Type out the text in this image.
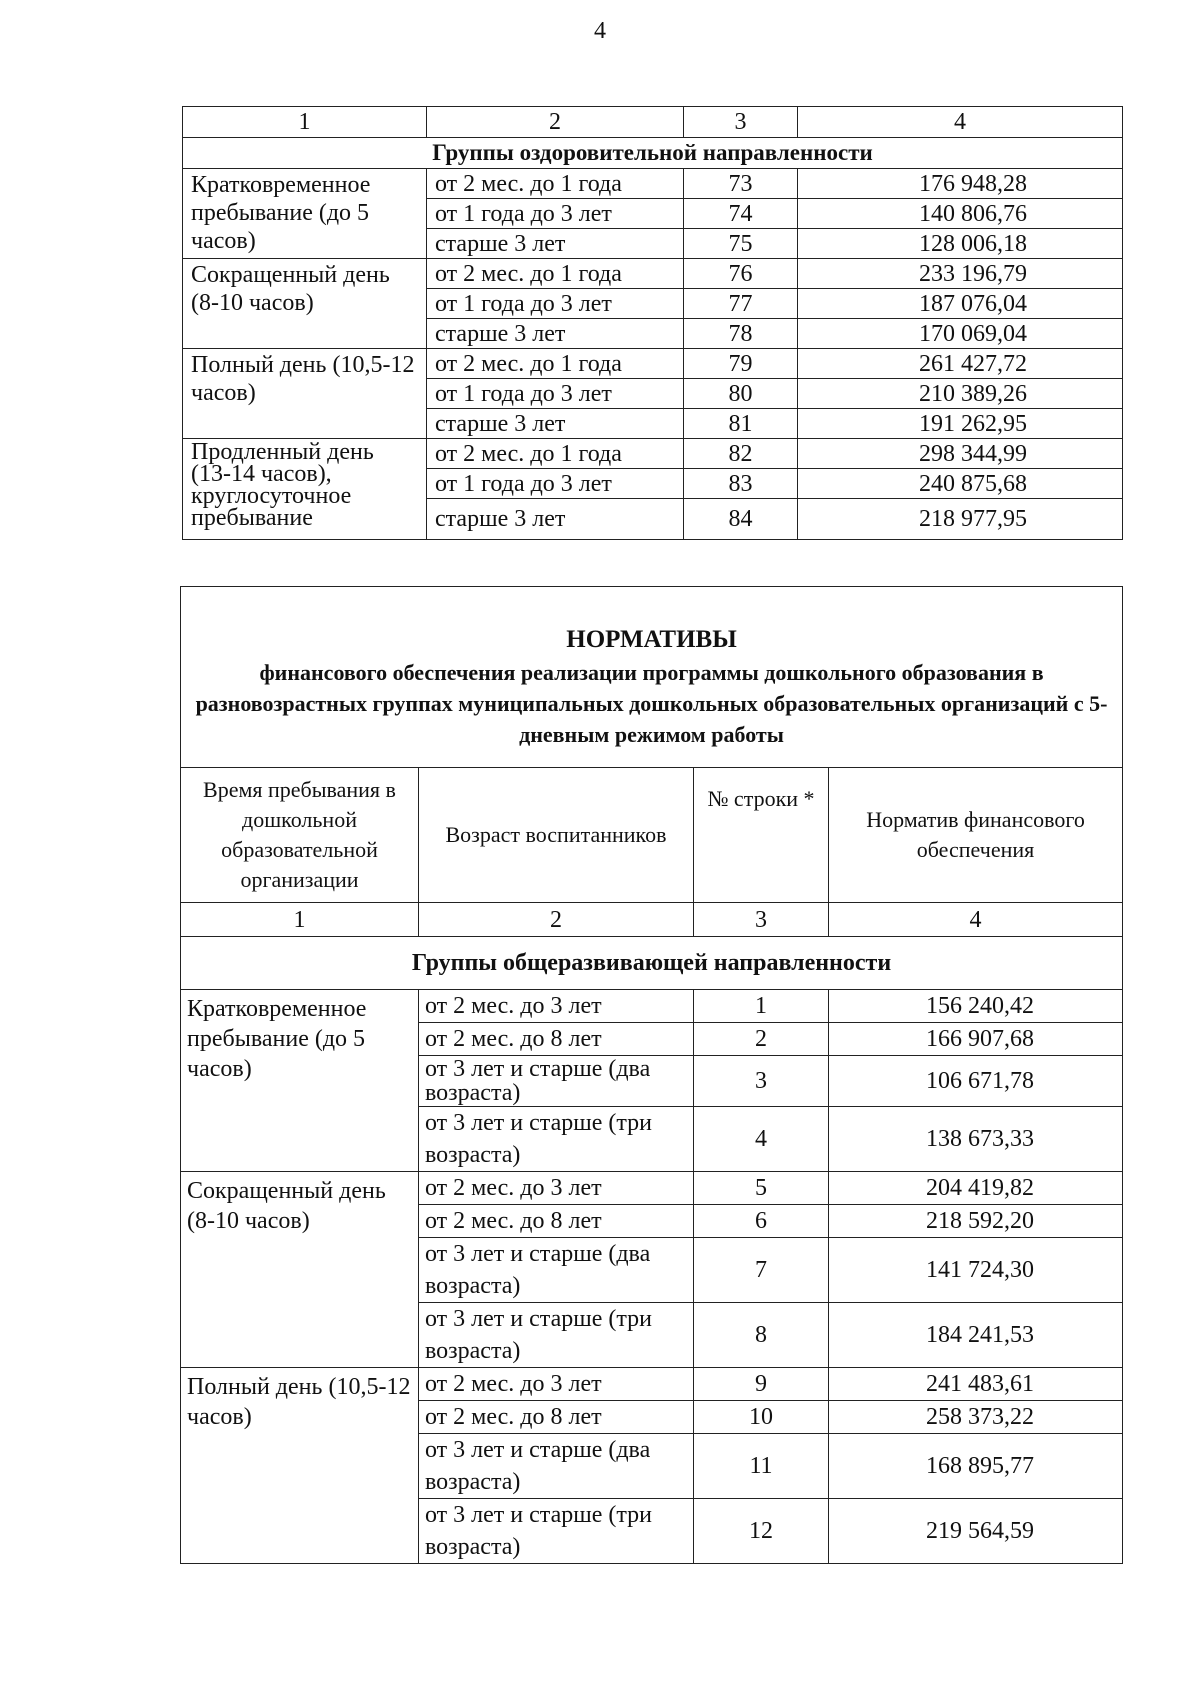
4
1	2	3	4
Группы оздоровительной направленности			
Кратковременное пребывание (до 5 часов)	от 2 мес. до 1 года	73	176 948,28
	от 1 года до 3 лет	74	140 806,76
	старше 3 лет	75	128 006,18
Сокращенный день (8-10 часов)	от 2 мес. до 1 года	76	233 196,79
	от 1 года до 3 лет	77	187 076,04
	старше 3 лет	78	170 069,04
Полный день (10,5-12 часов)	от 2 мес. до 1 года	79	261 427,72
	от 1 года до 3 лет	80	210 389,26
	старше 3 лет	81	191 262,95
Продленный день (13-14 часов), круглосуточное пребывание	от 2 мес. до 1 года	82	298 344,99
	от 1 года до 3 лет	83	240 875,68
	старше 3 лет	84	218 977,95
НОРМАТИВЫ
финансового обеспечения реализации программы дошкольного образования в разновозрастных группах муниципальных дошкольных образовательных организаций с 5-дневным режимом работы			

Время пребывания в дошкольной образовательной организации	Возраст воспитанников	№ строки *	Норматив финансового обеспечения
1	2	3	4
Группы общеразвивающей направленности			
Кратковременное пребывание (до 5 часов)	от 2 мес. до 3 лет	1	156 240,42
	от 2 мес. до 8 лет	2	166 907,68
	от 3 лет и старше (два возраста)	3	106 671,78
	от 3 лет и старше (три возраста)	4	138 673,33
Сокращенный день (8-10 часов)	от 2 мес. до 3 лет	5	204 419,82
	от 2 мес. до 8 лет	6	218 592,20
	от 3 лет и старше (два возраста)	7	141 724,30
	от 3 лет и старше (три возраста)	8	184 241,53
Полный день (10,5-12 часов)	от 2 мес. до 3 лет	9	241 483,61
	от 2 мес. до 8 лет	10	258 373,22
	от 3 лет и старше (два возраста)	11	168 895,77
	от 3 лет и старше (три возраста)	12	219 564,59
